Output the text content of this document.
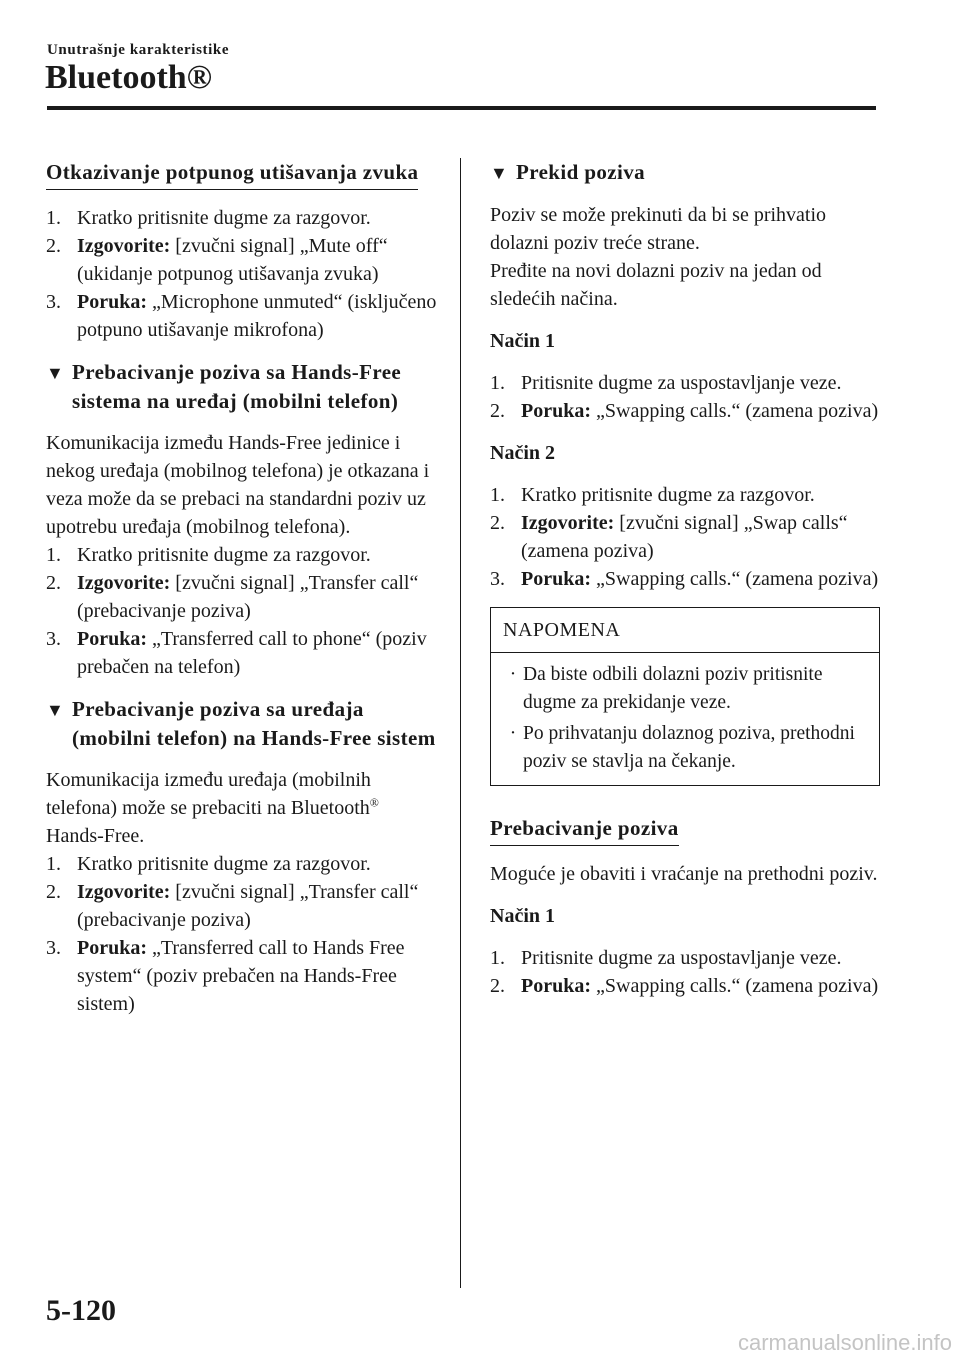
Unutrašnje karakteristike
Bluetooth®
Otkazivanje potpunog utišavanja zvuka
1. Kratko pritisnite dugme za razgovor.
2. Izgovorite: [zvučni signal] „Mute off“ (ukidanje potpunog utišavanja zvuka)
3. Poruka: „Microphone unmuted“ (isključeno potpuno utišavanje mikrofona)
▼ Prebacivanje poziva sa Hands-Free sistema na uređaj (mobilni telefon)

Komunikacija između Hands-Free jedinice i nekog uređaja (mobilnog telefona) je otkazana i veza može da se prebaci na standardni poziv uz upotrebu uređaja (mobilnog telefona).

1. Kratko pritisnite dugme za razgovor.
2. Izgovorite: [zvučni signal] „Transfer call“ (prebacivanje poziva)
3. Poruka: „Transferred call to phone“ (poziv prebačen na telefon)
▼ Prebacivanje poziva sa uređaja (mobilni telefon) na Hands-Free sistem

Komunikacija između uređaja (mobilnih telefona) može se prebaciti na Bluetooth® Hands-Free.

1. Kratko pritisnite dugme za razgovor.
2. Izgovorite: [zvučni signal] „Transfer call“ (prebacivanje poziva)
3. Poruka: „Transferred call to Hands Free system“ (poziv prebačen na Hands-Free sistem)
▼ Prekid poziva

Poziv se može prekinuti da bi se prihvatio dolazni poziv treće strane.
Pređite na novi dolazni poziv na jedan od sledećih načina.

Način 1
1. Pritisnite dugme za uspostavljanje veze.
2. Poruka: „Swapping calls.“ (zamena poziva)
Način 2
1. Kratko pritisnite dugme za razgovor.
2. Izgovorite: [zvučni signal] „Swap calls“ (zamena poziva)
3. Poruka: „Swapping calls.“ (zamena poziva)
NAPOMENA
· Da biste odbili dolazni poziv pritisnite dugme za prekidanje veze.
· Po prihvatanju dolaznog poziva, prethodni poziv se stavlja na čekanje.
Prebacivanje poziva

Moguće je obaviti i vraćanje na prethodni poziv.

Način 1
1. Pritisnite dugme za uspostavljanje veze.
2. Poruka: „Swapping calls.“ (zamena poziva)
5-120
carmanualsonline.info
